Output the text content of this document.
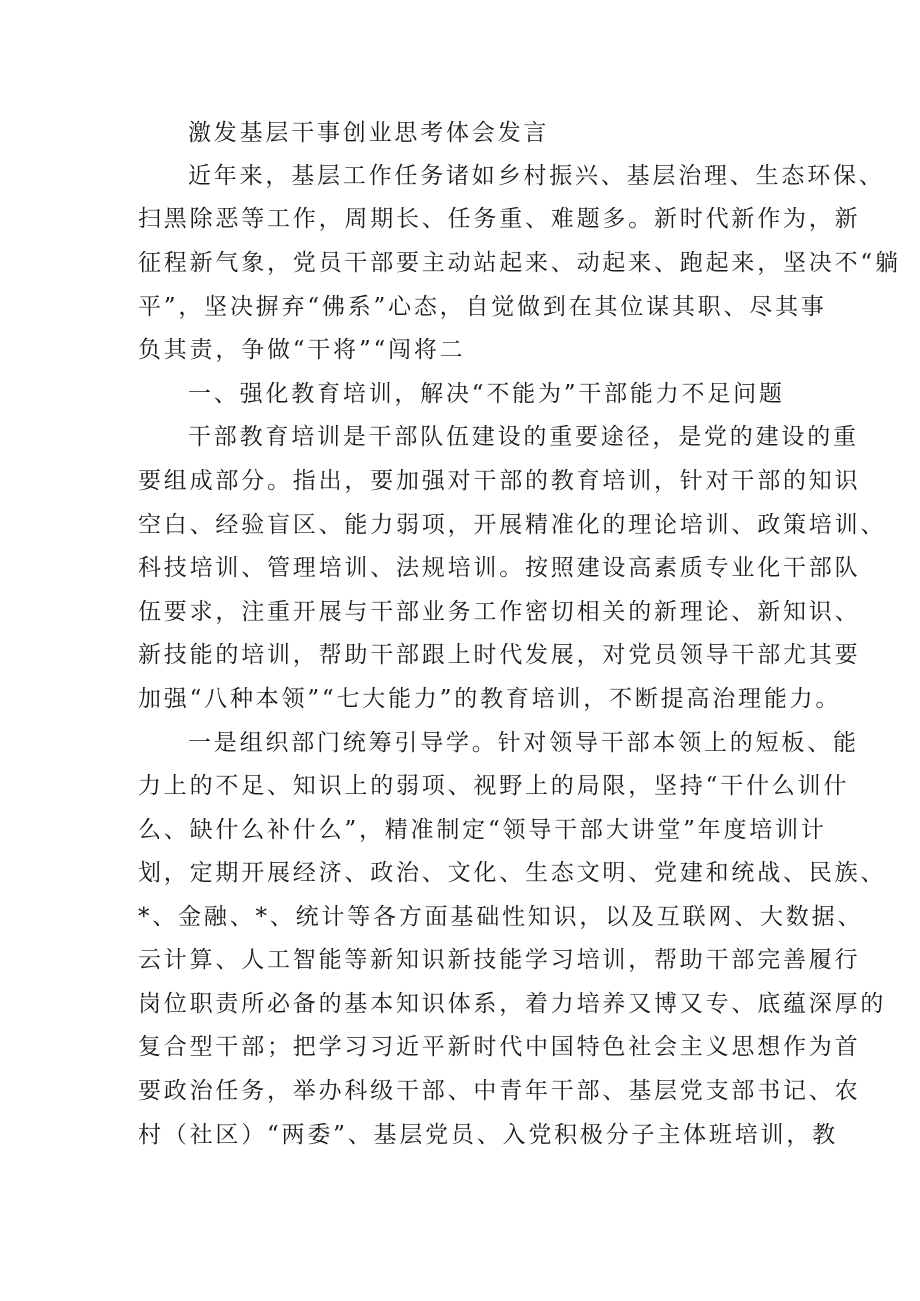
激发基层干事创业思考体会发言
近年来，基层工作任务诸如乡村振兴、基层治理、生态环保、
扫黑除恶等工作，周期长、任务重、难题多。新时代新作为，新
征程新气象，党员干部要主动站起来、动起来、跑起来，坚决不“躺
平”，坚决摒弃“佛系”心态，自觉做到在其位谋其职、尽其事
负其责，争做“干将”“闯将二
一、强化教育培训，解决“不能为”干部能力不足问题
干部教育培训是干部队伍建设的重要途径，是党的建设的重
要组成部分。指出，要加强对干部的教育培训，针对干部的知识
空白、经验盲区、能力弱项，开展精准化的理论培训、政策培训、
科技培训、管理培训、法规培训。按照建设高素质专业化干部队
伍要求，注重开展与干部业务工作密切相关的新理论、新知识、
新技能的培训，帮助干部跟上时代发展，对党员领导干部尤其要
加强“八种本领”“七大能力”的教育培训，不断提高治理能力。
一是组织部门统筹引导学。针对领导干部本领上的短板、能
力上的不足、知识上的弱项、视野上的局限，坚持“干什么训什
么、缺什么补什么”，精准制定“领导干部大讲堂”年度培训计
划，定期开展经济、政治、文化、生态文明、党建和统战、民族、
*、金融、*、统计等各方面基础性知识，以及互联网、大数据、
云计算、人工智能等新知识新技能学习培训，帮助干部完善履行
岗位职责所必备的基本知识体系，着力培养又博又专、底蕴深厚的
复合型干部；把学习习近平新时代中国特色社会主义思想作为首
要政治任务，举办科级干部、中青年干部、基层党支部书记、农
村（社区）“两委”、基层党员、入党积极分子主体班培训，教
